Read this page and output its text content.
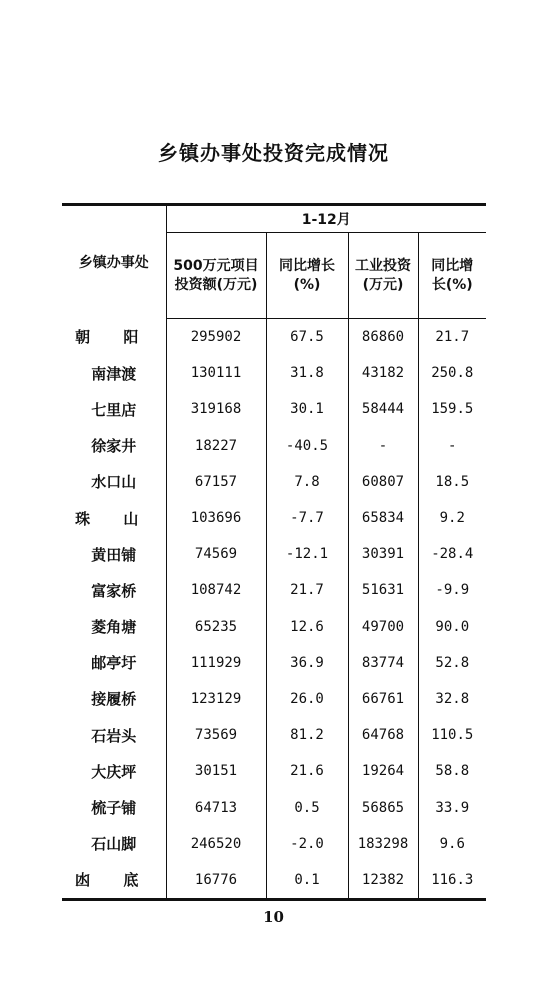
乡镇办事处投资完成情况
乡镇办事处	1-12月			
	500万元项目投资额(万元)	同比增长(%)	工业投资(万元)	同比增长(%)
朝 阳	295902	67.5	86860	21.7
南津渡	130111	31.8	43182	250.8
七里店	319168	30.1	58444	159.5
徐家井	18227	-40.5	-	-
水口山	67157	7.8	60807	18.5
珠 山	103696	-7.7	65834	9.2
黄田铺	74569	-12.1	30391	-28.4
富家桥	108742	21.7	51631	-9.9
菱角塘	65235	12.6	49700	90.0
邮亭圩	111929	36.9	83774	52.8
接履桥	123129	26.0	66761	32.8
石岩头	73569	81.2	64768	110.5
大庆坪	30151	21.6	19264	58.8
梳子铺	64713	0.5	56865	33.9
石山脚	246520	-2.0	183298	9.6
凼 底	16776	0.1	12382	116.3
10
